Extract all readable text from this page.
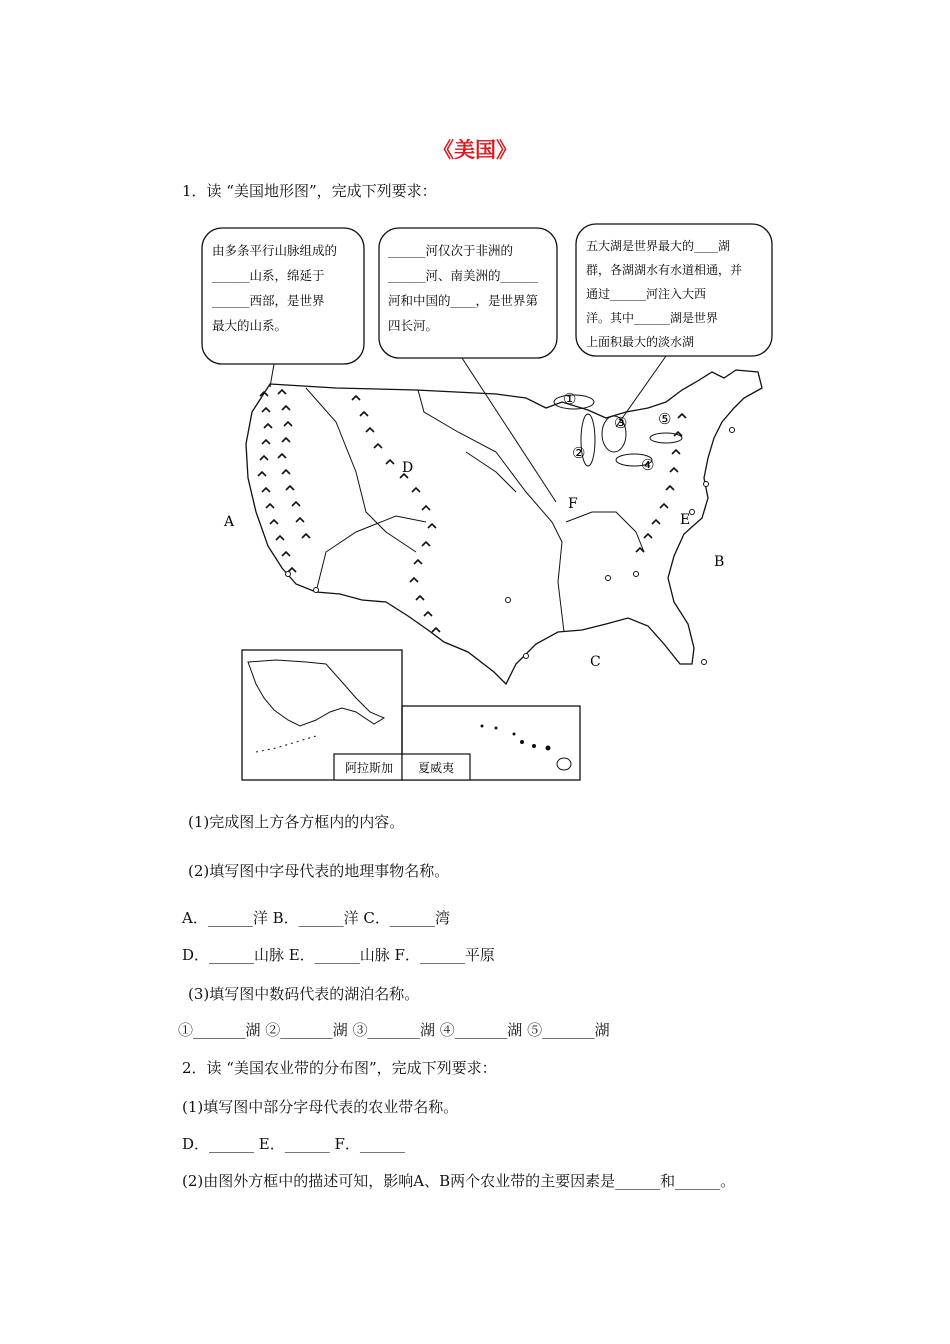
《美国》
1．读 “美国地形图”，完成下列要求：
由多条平行山脉组成的
______山系，绵延于
______西部，是世界
最大的山系。
______河仅次于非洲的
______河、南美洲的______
河和中国的____，是世界第
四长河。
五大湖是世界最大的____湖
群，各湖湖水有水道相通，并
通过______河注入大西
洋。其中______湖是世界
上面积最大的淡水湖
A
B
C
D
E
F
①
②
③
④
⑤
阿拉斯加 夏威夷
(1)完成图上方各方框内的内容。
(2)填写图中字母代表的地理事物名称。
A．______洋 B．______洋 C．______湾
D．______山脉 E．______山脉 F．______平原
(3)填写图中数码代表的湖泊名称。
①_______湖 ②_______湖 ③_______湖 ④_______湖 ⑤_______湖
2．读 “美国农业带的分布图”，完成下列要求：
(1)填写图中部分字母代表的农业带名称。
D．______ E．______ F．______
(2)由图外方框中的描述可知，影响A、B两个农业带的主要因素是______和______。
